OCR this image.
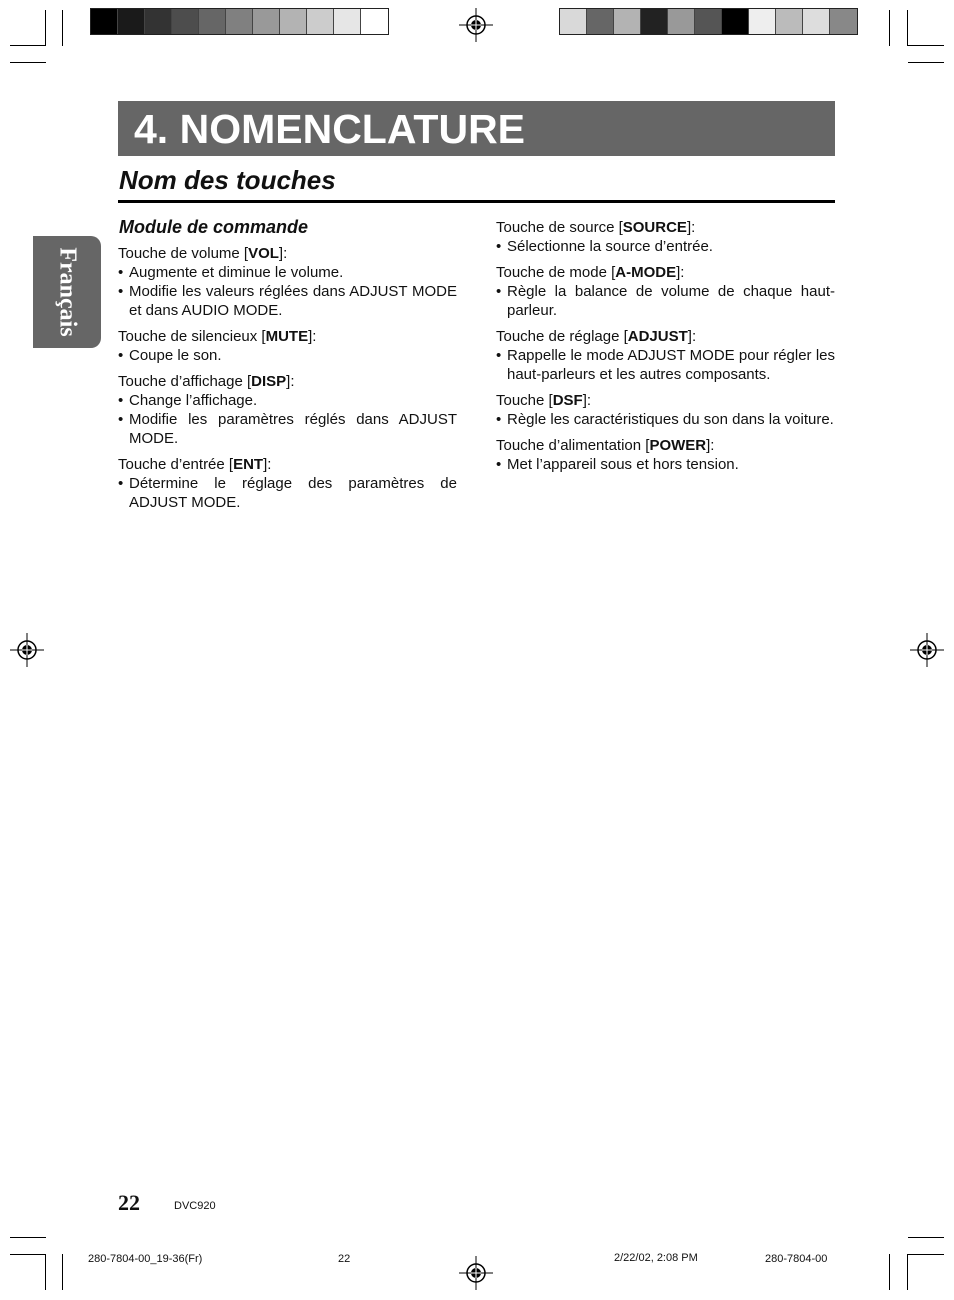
4. NOMENCLATURE
Nom des touches
Français
Module de commande
Touche de volume [VOL]:
• Augmente et diminue le volume.
• Modifie les valeurs réglées dans ADJUST MODE et dans AUDIO MODE.
Touche de silencieux [MUTE]:
• Coupe le son.
Touche d’affichage [DISP]:
• Change l’affichage.
• Modifie les paramètres réglés dans ADJUST MODE.
Touche d’entrée [ENT]:
• Détermine le réglage des paramètres de ADJUST MODE.
Touche de source [SOURCE]:
• Sélectionne la source d’entrée.
Touche de mode [A-MODE]:
• Règle la balance de volume de chaque haut-parleur.
Touche de réglage [ADJUST]:
• Rappelle le mode ADJUST MODE pour régler les haut-parleurs et les autres composants.
Touche [DSF]:
• Règle les caractéristiques du son dans la voiture.
Touche d’alimentation [POWER]:
• Met l’appareil sous et hors tension.
22	DVC920
280-7804-00_19-36(Fr)	22	2/22/02, 2:08 PM	280-7804-00
